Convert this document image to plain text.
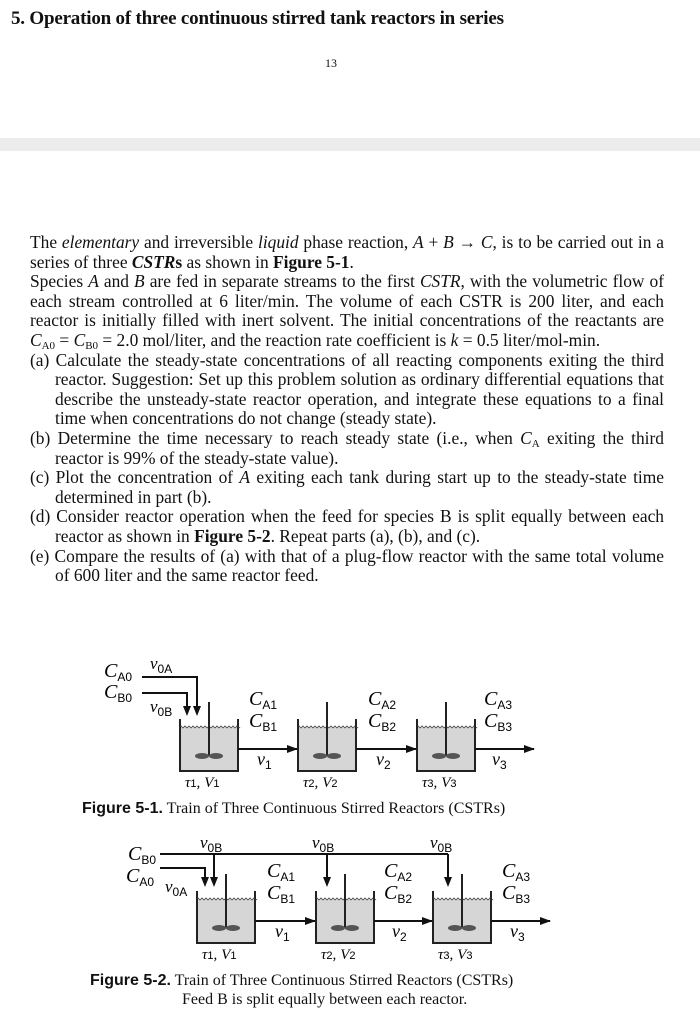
5. Operation of three continuous stirred tank reactors in series
13

The elementary and irreversible liquid phase reaction, A + B → C, is to be carried out in a series of three CSTRs as shown in Figure 5-1.

Species A and B are fed in separate streams to the first CSTR, with the volumetric flow of each stream controlled at 6 liter/min. The volume of each CSTR is 200 liter, and each reactor is initially filled with inert solvent. The initial concentrations of the reactants are $C_{A0} = C_{B0} = 2.0$ mol/liter, and the reaction rate coefficient is k = 0.5 liter/mol-min.

(a) Calculate the steady-state concentrations of all reacting components exiting the third reactor. Suggestion: Set up this problem solution as ordinary differential equations that describe the unsteady-state reactor operation, and integrate these equations to a final time when concentrations do not change (steady state).

(b) Determine the time necessary to reach steady state (i.e., when $C_A$ exiting the third reactor is 99% of the steady-state value).

(c) Plot the concentration of A exiting each tank during start up to the steady-state time determined in part (b).

(d) Consider reactor operation when the feed for species B is split equally between each reactor as shown in Figure 5-2. Repeat parts (a), (b), and (c).

(e) Compare the results of (a) with that of a plug-flow reactor with the same total volume of 600 liter and the same reactor feed.

$C_{A1}$
$C_{B1}$
$v_1$
τ1, V1
$C_{A2}$
$C_{B2}$
$v_2$
τ2, V2
$C_{A3}$
$C_{B3}$
$v_3$
τ3, V3
$C_{A0}$
$C_{B0}$
$v_{0A}$
$v_{0B}$
$C_{A1}$
$C_{B1}$
$v_1$
τ1, V1
$C_{A2}$
$C_{B2}$
$v_2$
τ2, V2
$C_{A3}$
$C_{B3}$
$v_3$
τ3, V3
$C_{B0}$
$C_{A0}$ $v_{0A}$
$v_{0B}$	$v_{0B}$	$v_{0B}$
Figure 5-1. Train of Three Continuous Stirred Reactors (CSTRs)
Figure 5-2. Train of Three Continuous Stirred Reactors (CSTRs)
Feed B is split equally between each reactor.
